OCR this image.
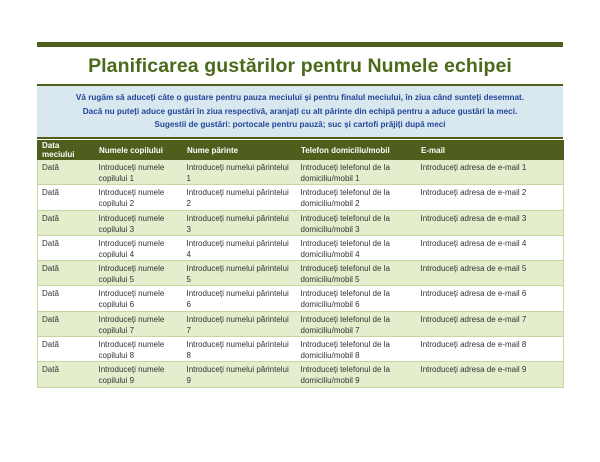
Planificarea gustărilor pentru Numele echipei
Vă rugăm să aduceți câte o gustare pentru pauza meciului și pentru finalul meciului, în ziua când sunteți desemnat.
Dacă nu puteți aduce gustări în ziua respectivă, aranjați cu alt părinte din echipă pentru a aduce gustări la meci.
Sugestii de gustări: portocale pentru pauză; suc și cartofi prăjiți după meci
Data meciului	Numele copilului	Nume părinte	Telefon domiciliu/mobil	E-mail
Dată	Introduceți numele copilului 1	Introduceți numelui părintelui 1	Introduceți telefonul de la domiciliu/mobil 1	Introduceți adresa de e-mail 1
Dată	Introduceți numele copilului 2	Introduceți numelui părintelui 2	Introduceți telefonul de la domiciliu/mobil 2	Introduceți adresa de e-mail 2
Dată	Introduceți numele copilului 3	Introduceți numelui părintelui 3	Introduceți telefonul de la domiciliu/mobil 3	Introduceți adresa de e-mail 3
Dată	Introduceți numele copilului 4	Introduceți numelui părintelui 4	Introduceți telefonul de la domiciliu/mobil 4	Introduceți adresa de e-mail 4
Dată	Introduceți numele copilului 5	Introduceți numelui părintelui 5	Introduceți telefonul de la domiciliu/mobil 5	Introduceți adresa de e-mail 5
Dată	Introduceți numele copilului 6	Introduceți numelui părintelui 6	Introduceți telefonul de la domiciliu/mobil 6	Introduceți adresa de e-mail 6
Dată	Introduceți numele copilului 7	Introduceți numelui părintelui 7	Introduceți telefonul de la domiciliu/mobil 7	Introduceți adresa de e-mail 7
Dată	Introduceți numele copilului 8	Introduceți numelui părintelui 8	Introduceți telefonul de la domiciliu/mobil 8	Introduceți adresa de e-mail 8
Dată	Introduceți numele copilului 9	Introduceți numelui părintelui 9	Introduceți telefonul de la domiciliu/mobil 9	Introduceți adresa de e-mail 9
